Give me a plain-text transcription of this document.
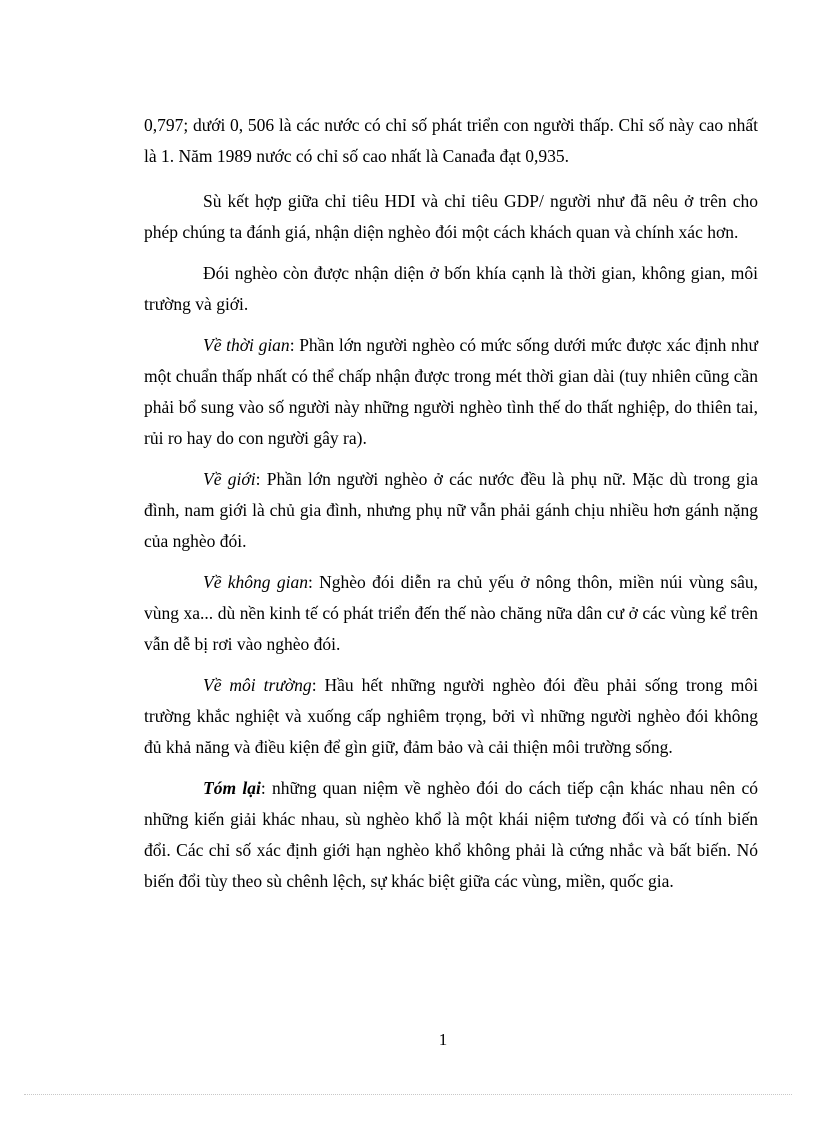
0,797; dưới 0, 506 là các nước có chỉ số phát triển con người thấp. Chỉ số này cao nhất là 1. Năm 1989 nước có chỉ số cao nhất là Canađa đạt 0,935.

Sù kết hợp giữa chỉ tiêu HDI và chỉ tiêu GDP/ người như đã nêu ở trên cho phép chúng ta đánh giá, nhận diện nghèo đói một cách khách quan và chính xác hơn.

Đói nghèo còn được nhận diện ở bốn khía cạnh là thời gian, không gian, môi trường và giới.

Về thời gian: Phần lớn người nghèo có mức sống dưới mức được xác định như một chuẩn thấp nhất có thể chấp nhận được trong mét thời gian dài (tuy nhiên cũng cần phải bổ sung vào số người này những người nghèo tình thế do thất nghiệp, do thiên tai, rủi ro hay do con người gây ra).

Về giới: Phần lớn người nghèo ở các nước đều là phụ nữ. Mặc dù trong gia đình, nam giới là chủ gia đình, nhưng phụ nữ vẫn phải gánh chịu nhiều hơn gánh nặng của nghèo đói.

Về không gian: Nghèo đói diễn ra chủ yếu ở nông thôn, miền núi vùng sâu, vùng xa... dù nền kinh tế có phát triển đến thế nào chăng nữa dân cư ở các vùng kể trên vẫn dễ bị rơi vào nghèo đói.

Về môi trường: Hầu hết những người nghèo đói đều phải sống trong môi trường khắc nghiệt và xuống cấp nghiêm trọng, bởi vì những người nghèo đói không đủ khả năng và điều kiện để gìn giữ, đảm bảo và cải thiện môi trường sống.

Tóm lại: những quan niệm về nghèo đói do cách tiếp cận khác nhau nên có những kiến giải khác nhau, sù nghèo khổ là một khái niệm tương đối và có tính biến đổi. Các chỉ số xác định giới hạn nghèo khổ không phải là cứng nhắc và bất biến. Nó biến đổi tùy theo sù chênh lệch, sự khác biệt giữa các vùng, miền, quốc gia.

1
